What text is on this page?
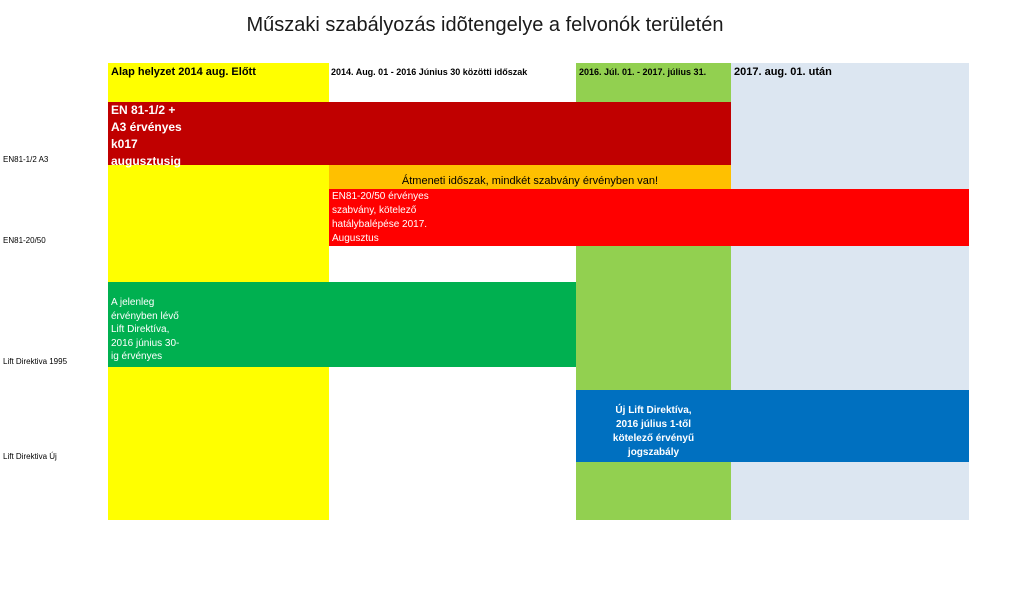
Műszaki szabályozás idõtengelye a felvonók területén
Alap helyzet 2014 aug. Előtt	2014. Aug. 01 - 2016 Június 30 közötti időszak	2016. Júl. 01. - 2017. július 31.	2017. aug. 01. után
EN81-1/2 A3
EN81-20/50
Lift Direktiva 1995
Lift Direktiva Új
EN 81-1/2 +
A3 érvényes
k017
augusztusig
Átmeneti időszak, mindkét szabvány érvényben van!
EN81-20/50 érvényes
szabvány, kötelező
hatálybalépése 2017.
Augusztus
A jelenleg
érvényben lévő
Lift Direktíva,
2016 június 30-
ig érvényes
Új Lift Direktíva,
2016 július 1-től
kötelező érvényű
jogszabály
